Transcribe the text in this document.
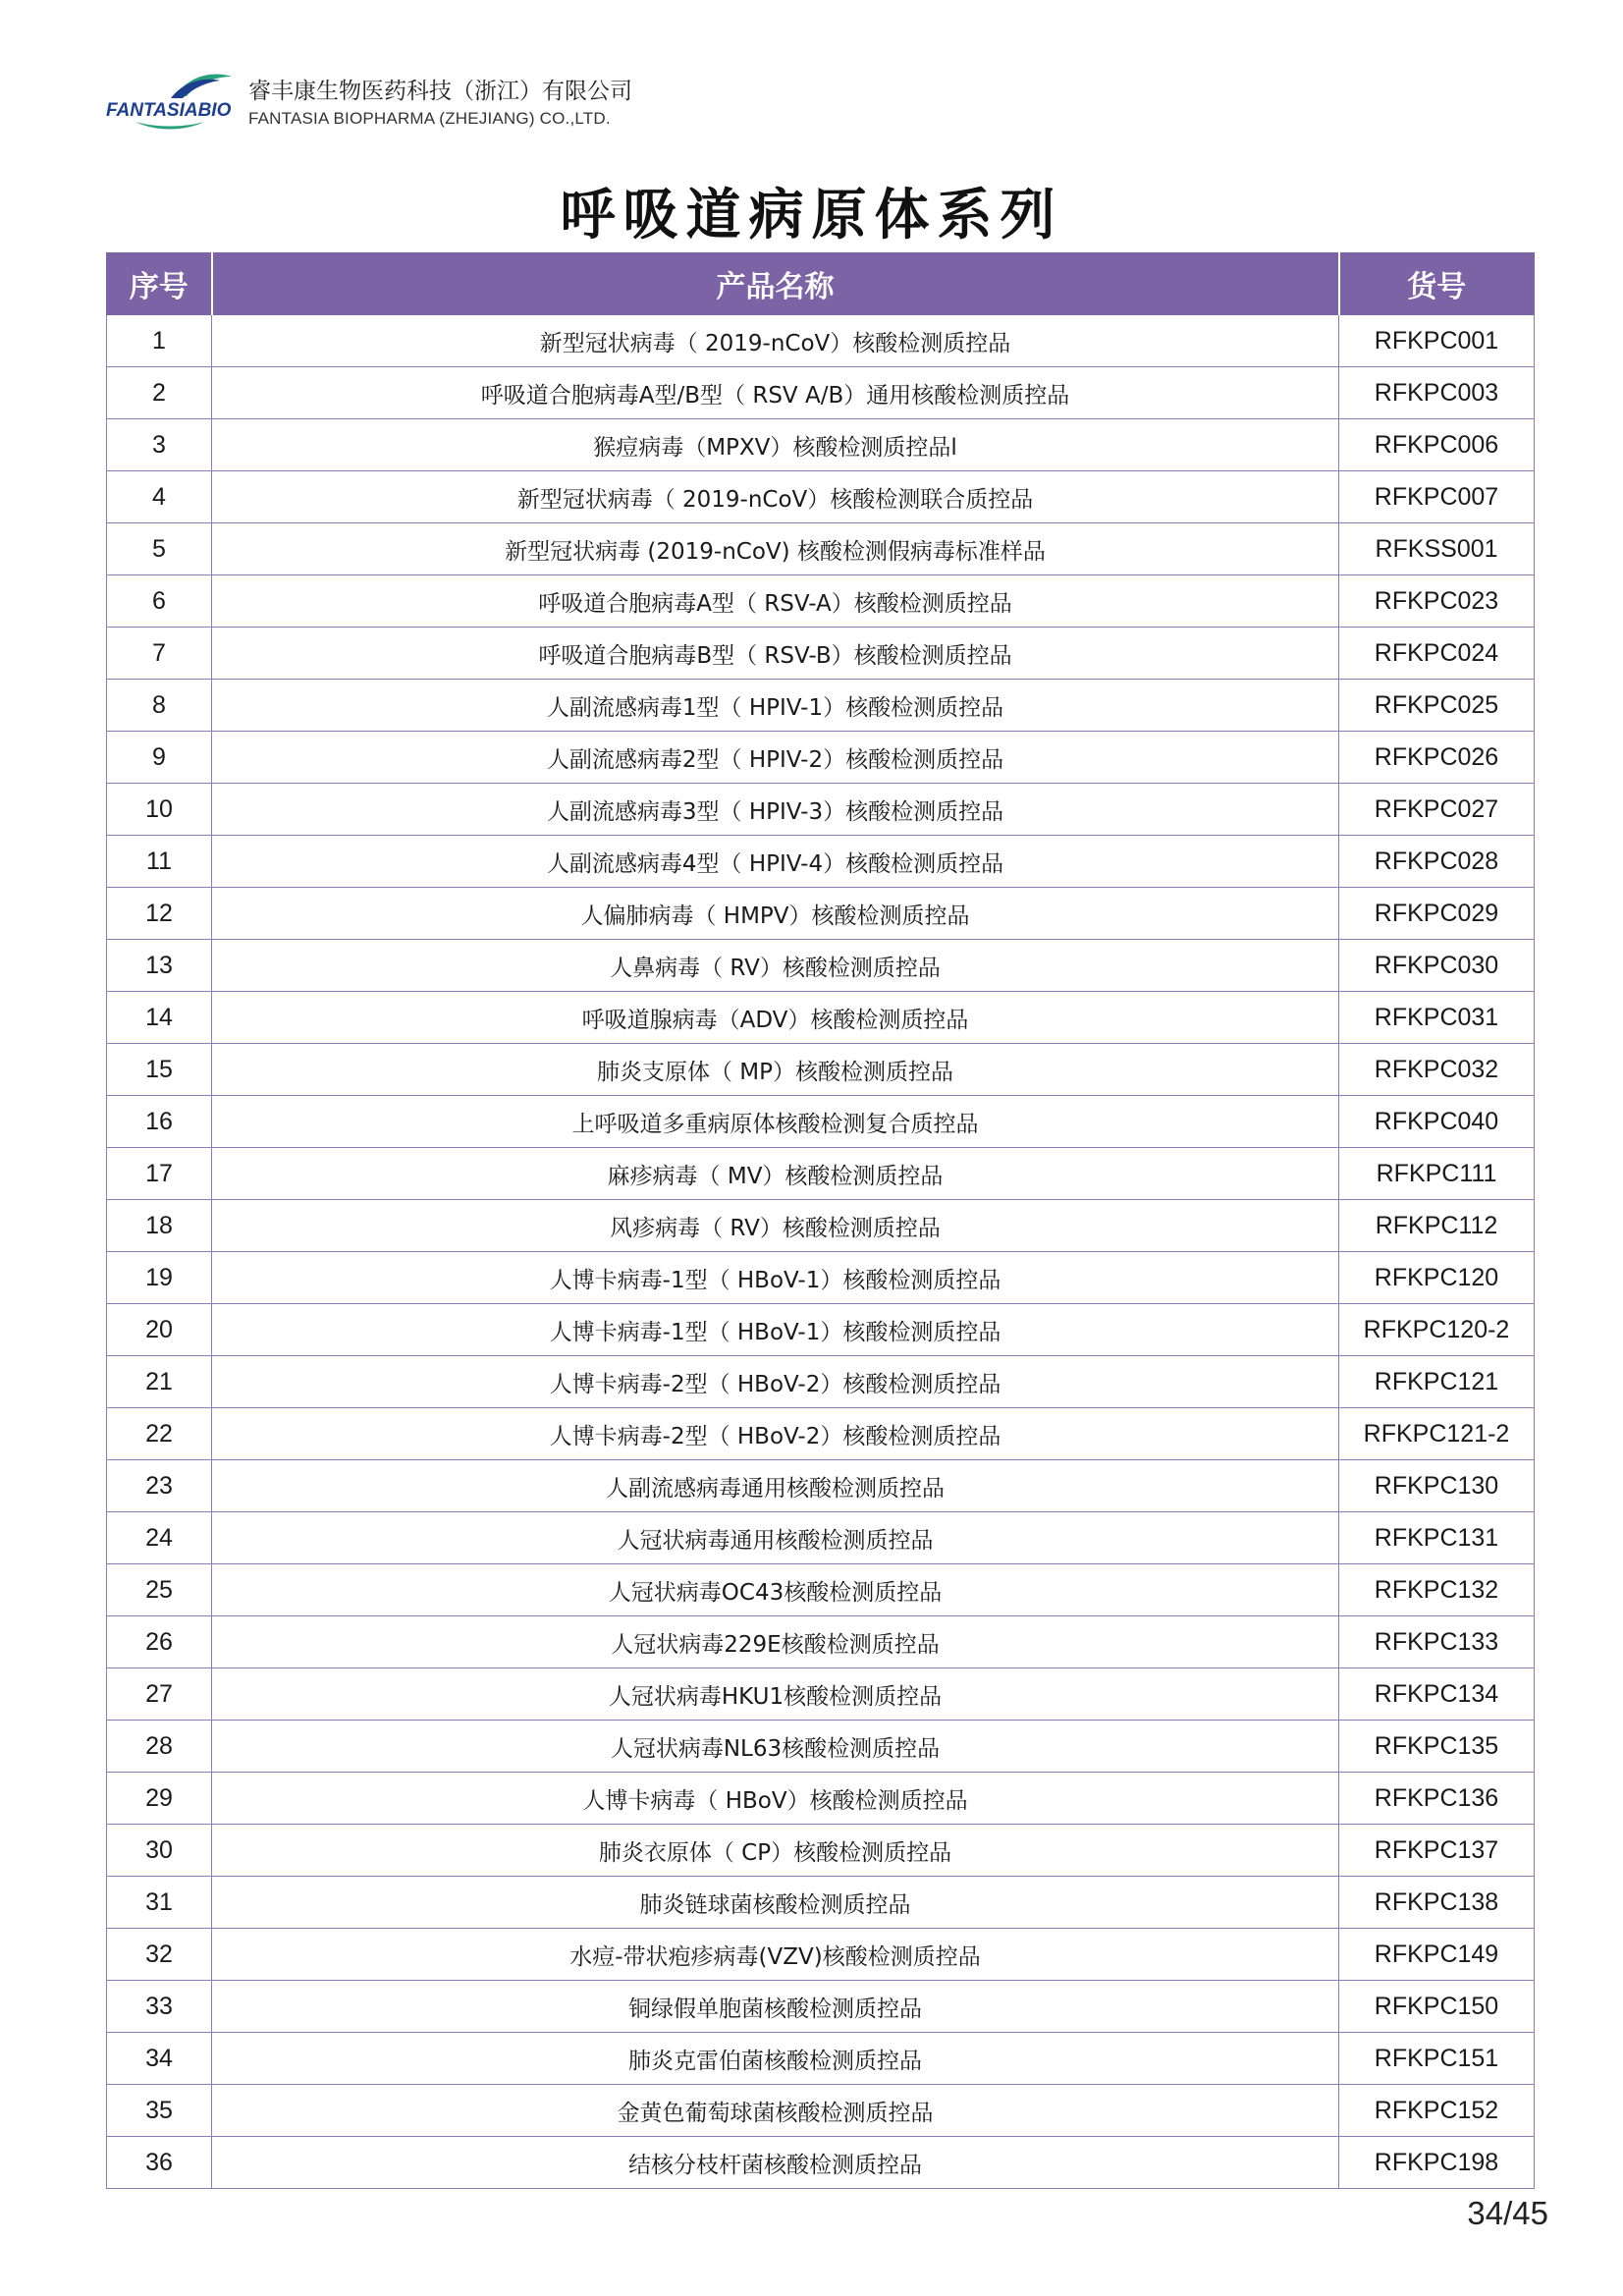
FANTASIABIO
睿丰康生物医药科技（浙江）有限公司
FANTASIA BIOPHARMA (ZHEJIANG) CO.,LTD.
呼吸道病原体系列
序号	产品名称	货号
1	新型冠状病毒（ 2019-nCoV）核酸检测质控品	RFKPC001
2	呼吸道合胞病毒A型/B型（ RSV A/B）通用核酸检测质控品	RFKPC003
3	猴痘病毒（MPXV）核酸检测质控品l	RFKPC006
4	新型冠状病毒（ 2019-nCoV）核酸检测联合质控品	RFKPC007
5	新型冠状病毒 (2019-nCoV) 核酸检测假病毒标准样品	RFKSS001
6	呼吸道合胞病毒A型（ RSV-A）核酸检测质控品	RFKPC023
7	呼吸道合胞病毒B型（ RSV-B）核酸检测质控品	RFKPC024
8	人副流感病毒1型（ HPIV-1）核酸检测质控品	RFKPC025
9	人副流感病毒2型（ HPIV-2）核酸检测质控品	RFKPC026
10	人副流感病毒3型（ HPIV-3）核酸检测质控品	RFKPC027
11	人副流感病毒4型（ HPIV-4）核酸检测质控品	RFKPC028
12	人偏肺病毒（ HMPV）核酸检测质控品	RFKPC029
13	人鼻病毒（ RV）核酸检测质控品	RFKPC030
14	呼吸道腺病毒（ADV）核酸检测质控品	RFKPC031
15	肺炎支原体（ MP）核酸检测质控品	RFKPC032
16	上呼吸道多重病原体核酸检测复合质控品	RFKPC040
17	麻疹病毒（ MV）核酸检测质控品	RFKPC111
18	风疹病毒（ RV）核酸检测质控品	RFKPC112
19	人博卡病毒-1型（ HBoV-1）核酸检测质控品	RFKPC120
20	人博卡病毒-1型（ HBoV-1）核酸检测质控品	RFKPC120-2
21	人博卡病毒-2型（ HBoV-2）核酸检测质控品	RFKPC121
22	人博卡病毒-2型（ HBoV-2）核酸检测质控品	RFKPC121-2
23	人副流感病毒通用核酸检测质控品	RFKPC130
24	人冠状病毒通用核酸检测质控品	RFKPC131
25	人冠状病毒OC43核酸检测质控品	RFKPC132
26	人冠状病毒229E核酸检测质控品	RFKPC133
27	人冠状病毒HKU1核酸检测质控品	RFKPC134
28	人冠状病毒NL63核酸检测质控品	RFKPC135
29	人博卡病毒（ HBoV）核酸检测质控品	RFKPC136
30	肺炎衣原体（ CP）核酸检测质控品	RFKPC137
31	肺炎链球菌核酸检测质控品	RFKPC138
32	水痘-带状疱疹病毒(VZV)核酸检测质控品	RFKPC149
33	铜绿假单胞菌核酸检测质控品	RFKPC150
34	肺炎克雷伯菌核酸检测质控品	RFKPC151
35	金黄色葡萄球菌核酸检测质控品	RFKPC152
36	结核分枝杆菌核酸检测质控品	RFKPC198
34/45
